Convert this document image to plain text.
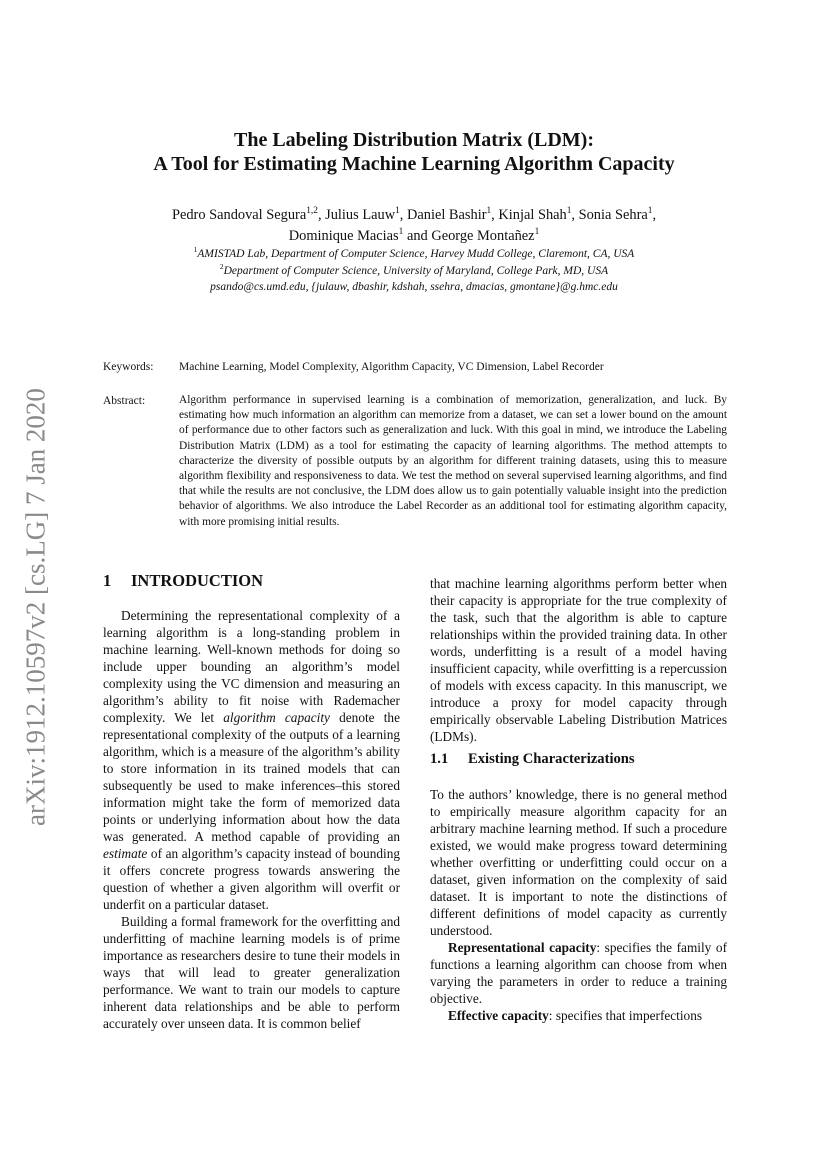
arXiv:1912.10597v2 [cs.LG] 7 Jan 2020
The Labeling Distribution Matrix (LDM):
A Tool for Estimating Machine Learning Algorithm Capacity
Pedro Sandoval Segura$^{1,2}$, Julius Lauw$^1$, Daniel Bashir$^1$, Kinjal Shah$^1$, Sonia Sehra$^1$,
Dominique Macias$^1$ and George Montañez$^1$
$^1$AMISTAD Lab, Department of Computer Science, Harvey Mudd College, Claremont, CA, USA
$^2$Department of Computer Science, University of Maryland, College Park, MD, USA
psando@cs.umd.edu, {julauw, dbashir, kdshah, ssehra, dmacias, gmontane}@g.hmc.edu
Keywords: Machine Learning, Model Complexity, Algorithm Capacity, VC Dimension, Label Recorder
Abstract:	Algorithm performance in supervised learning is a combination of memorization, generalization, and luck. By estimating how much information an algorithm can memorize from a dataset, we can set a lower bound on the amount of performance due to other factors such as generalization and luck. With this goal in mind, we introduce the Labeling Distribution Matrix (LDM) as a tool for estimating the capacity of learning algorithms. The method attempts to characterize the diversity of possible outputs by an algorithm for different training datasets, using this to measure algorithm flexibility and responsiveness to data. We test the method on several supervised learning algorithms, and find that while the results are not conclusive, the LDM does allow us to gain potentially valuable insight into the prediction behavior of algorithms. We also introduce the Label Recorder as an additional tool for estimating algorithm capacity, with more promising initial results.
1 INTRODUCTION

Determining the representational complexity of a learning algorithm is a long-standing problem in machine learning. Well-known methods for doing so include upper bounding an algorithm’s model complexity using the VC dimension and measuring an algorithm’s ability to fit noise with Rademacher complexity. We let algorithm capacity denote the representational complexity of the outputs of a learning algorithm, which is a measure of the algorithm’s ability to store information in its trained models that can subsequently be used to make inferences–this stored information might take the form of memorized data points or underlying information about how the data was generated. A method capable of providing an estimate of an algorithm’s capacity instead of bounding it offers concrete progress towards answering the question of whether a given algorithm will overfit or underfit on a particular dataset.

Building a formal framework for the overfitting and underfitting of machine learning models is of prime importance as researchers desire to tune their models in ways that will lead to greater generalization performance. We want to train our models to capture inherent data relationships and be able to perform accurately over unseen data. It is common belief

that machine learning algorithms perform better when their capacity is appropriate for the true complexity of the task, such that the algorithm is able to capture relationships within the provided training data. In other words, underfitting is a result of a model having insufficient capacity, while overfitting is a repercussion of models with excess capacity. In this manuscript, we introduce a proxy for model capacity through empirically observable Labeling Distribution Matrices (LDMs).

1.1 Existing Characterizations

To the authors’ knowledge, there is no general method to empirically measure algorithm capacity for an arbitrary machine learning method. If such a procedure existed, we would make progress toward determining whether overfitting or underfitting could occur on a dataset, given information on the complexity of said dataset. It is important to note the distinctions of different definitions of model capacity as currently understood.

Representational capacity: specifies the family of functions a learning algorithm can choose from when varying the parameters in order to reduce a training objective.

Effective capacity: specifies that imperfections
